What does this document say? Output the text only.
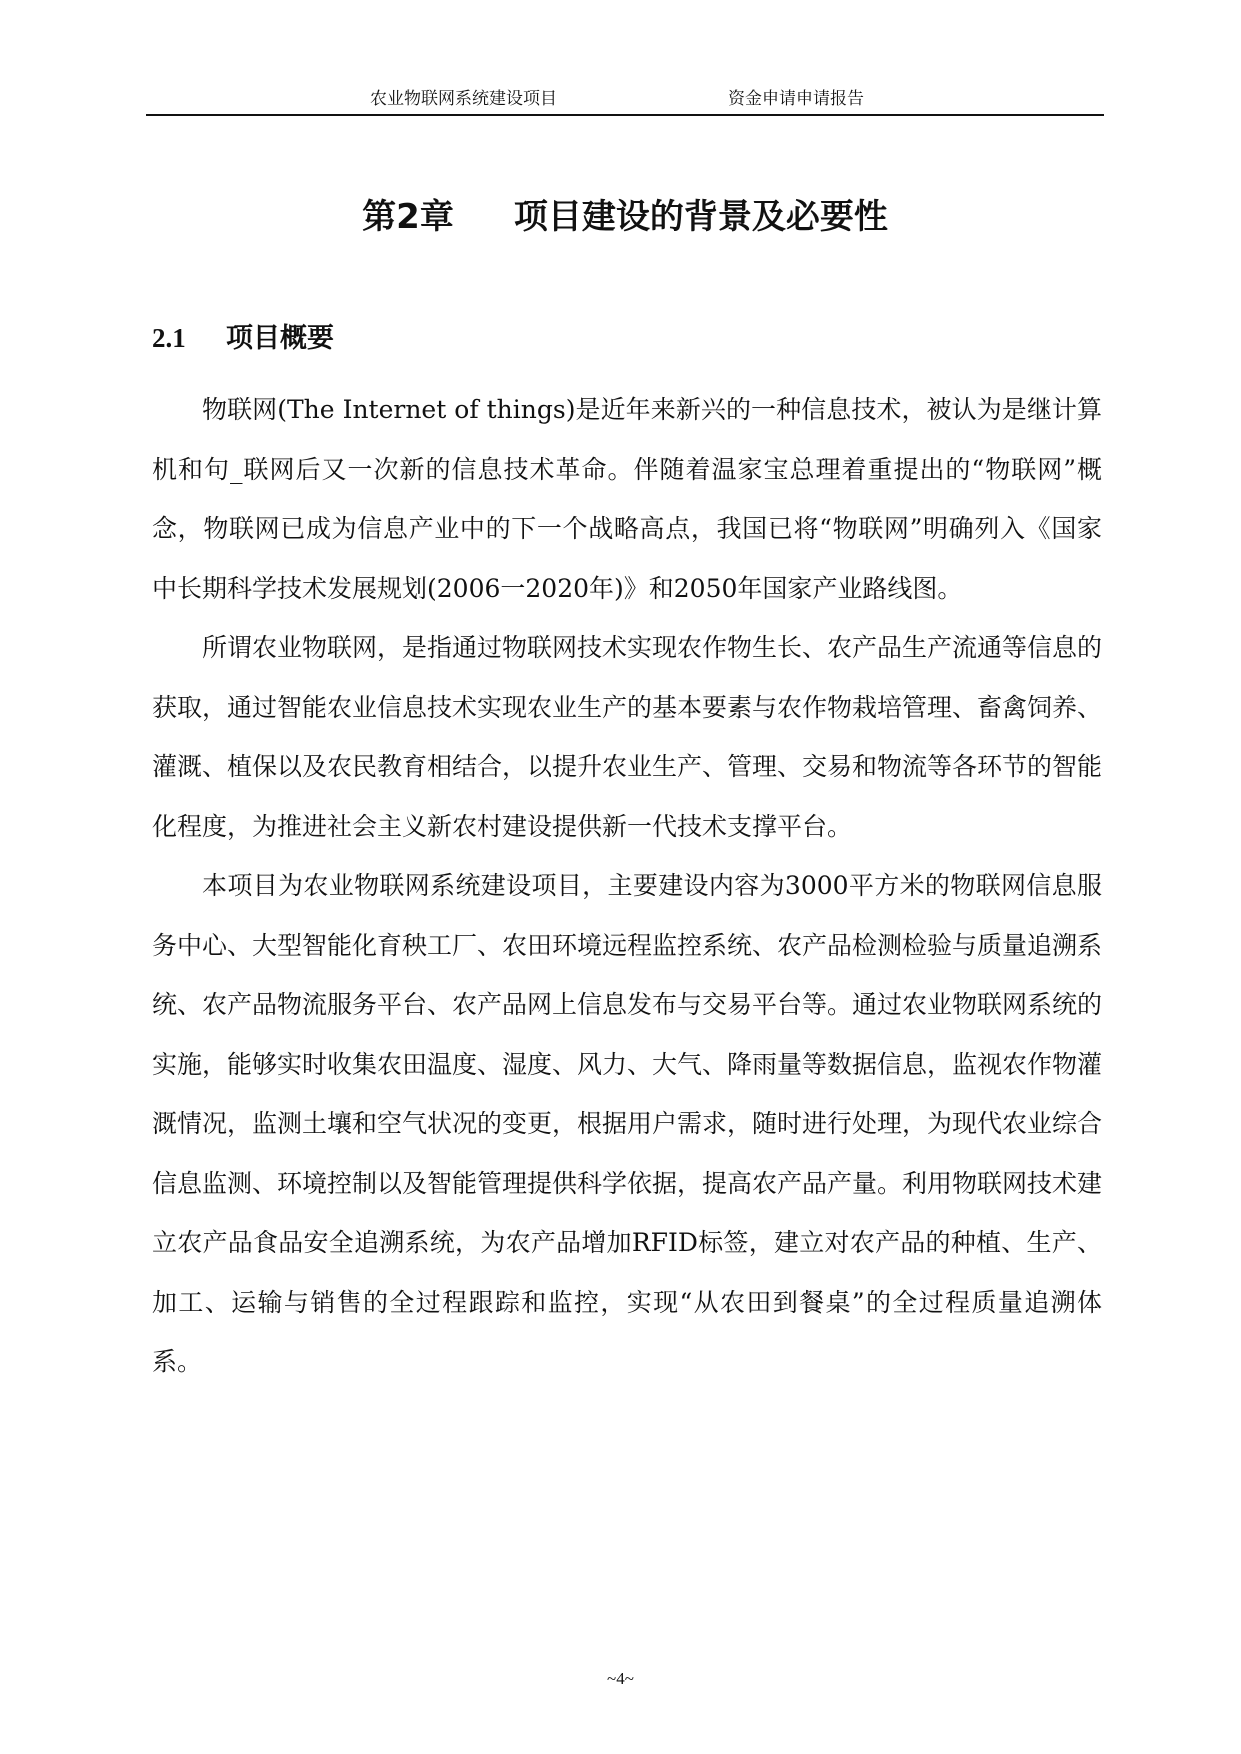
农业物联网系统建设项目	资金申请申请报告
第2章 项目建设的背景及必要性
2.1 项目概要

物联网(The Internet of things)是近年来新兴的一种信息技术，被认为是继计算机和句_联网后又一次新的信息技术革命。伴随着温家宝总理着重提出的“物联网”概念，物联网已成为信息产业中的下一个战略高点，我国已将“物联网”明确列入《国家中长期科学技术发展规划(2006一2020年)》和2050年国家产业路线图。

所谓农业物联网，是指通过物联网技术实现农作物生长、农产品生产流通等信息的获取，通过智能农业信息技术实现农业生产的基本要素与农作物栽培管理、畜禽饲养、灌溉、植保以及农民教育相结合，以提升农业生产、管理、交易和物流等各环节的智能化程度，为推进社会主义新农村建设提供新一代技术支撑平台。

本项目为农业物联网系统建设项目，主要建设内容为3000平方米的物联网信息服务中心、大型智能化育秧工厂、农田环境远程监控系统、农产品检测检验与质量追溯系统、农产品物流服务平台、农产品网上信息发布与交易平台等。通过农业物联网系统的实施，能够实时收集农田温度、湿度、风力、大气、降雨量等数据信息，监视农作物灌溉情况，监测土壤和空气状况的变更，根据用户需求，随时进行处理，为现代农业综合信息监测、环境控制以及智能管理提供科学依据，提高农产品产量。利用物联网技术建立农产品食品安全追溯系统，为农产品增加RFID标签，建立对农产品的种植、生产、加工、运输与销售的全过程跟踪和监控，实现“从农田到餐桌”的全过程质量追溯体系。

~4~
